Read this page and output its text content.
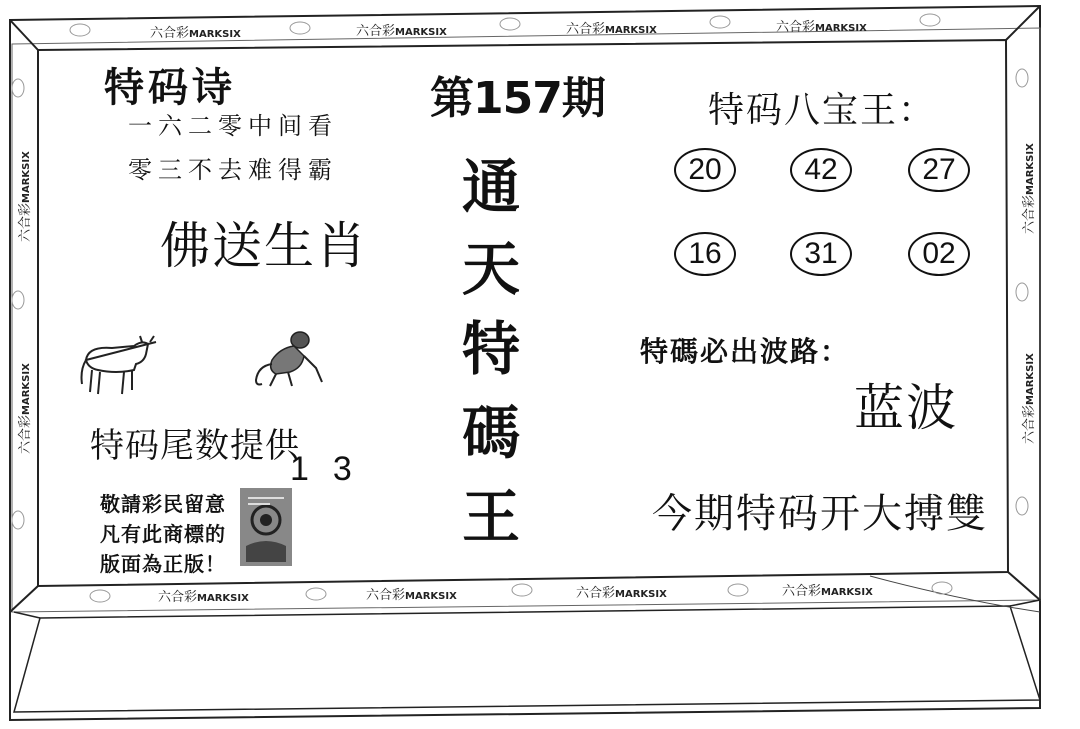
六合彩MARKSIX	六合彩MARKSIX	六合彩MARKSIX	六合彩MARKSIX
六合彩MARKSIX	六合彩MARKSIX	六合彩MARKSIX	六合彩MARKSIX
六合彩MARKSIX
六合彩MARKSIX
六合彩MARKSIX
六合彩MARKSIX
特码诗
一六二零中间看
零三不去难得霸
佛送生肖
特码尾数提供
13
敬請彩民留意
凡有此商標的
版面為正版！
第157期
通
天
特
碼
王
特码八宝王：
20	42	27
16	31	02
特碼必出波路：
蓝波
今期特码开大搏雙
